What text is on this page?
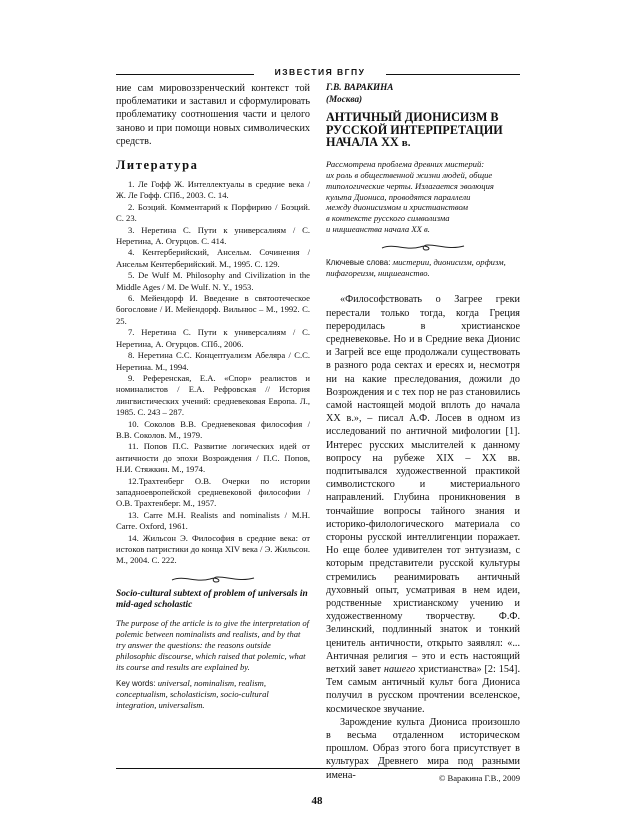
ИЗВЕСТИЯ ВГПУ

ние сам мировоззренческий контекст той проблематики и заставил и сформулировать проблематику соотношения части и целого заново и при помощи новых символических средств.

Литература
1. Ле Гофф Ж. Интеллектуалы в средние века / Ж. Ле Гофф. СПб., 2003. С. 14.
2. Боэций. Комментарий к Порфирию / Боэций. С. 23.
3. Неретина С. Пути к универсалиям / С. Неретина, А. Огурцов. С. 414.
4. Кентерберийский, Ансельм. Сочинения / Ансельм Кентерберийский. М., 1995. С. 129.
5. De Wulf M. Philosophy and Civilization in the Middle Ages / M. De Wulf. N. Y., 1953.
6. Мейендорф И. Введение в святоотеческое богословие / И. Мейендорф. Вильнюс – М., 1992. С. 25.
7. Неретина С. Пути к универсалиям / С. Неретина, А. Огурцов. СПб., 2006.
8. Неретина С.С. Концептуализм Абеляра / С.С. Неретина. М., 1994.
9. Референская, Е.А. «Спор» реалистов и номиналистов / Е.А. Рефровская // История лингвистических учений: средневековая Европа. Л., 1985. С. 243 – 287.
10. Соколов В.В. Средневековая философия / В.В. Соколов. М., 1979.
11. Попов П.С. Развитие логических идей от античности до эпохи Возрождения / П.С. Попов, Н.И. Стяжкин. М., 1974.
12.Трахтенберг О.В. Очерки по истории западноевропейской средневековой философии / О.В. Трахтенберг. М., 1957.
13. Carre M.H. Realists and nominalists / M.H. Carre. Oxford, 1961.
14. Жильсон Э. Философия в средние века: от истоков патристики до конца XIV века / Э. Жильсон. М., 2004. С. 222.
Socio-cultural subtext of problem of universals in mid-aged scholastic
The purpose of the article is to give the interpretation of polemic between nominalists and realists, and by that try answer the questions: the reasons outside philosophic discourse, which raised that polemic, what its course and results are explained by.
Key words: universal, nominalism, realism, conceptualism, scholasticism, socio-cultural integration, universalism.
Г.В. ВАРАКИНА
(Москва)
АНТИЧНЫЙ ДИОНИСИЗМ В
РУССКОЙ ИНТЕРПРЕТАЦИИ
НАЧАЛА XX в.
Рассмотрена проблема древних мистерий:
их роль в общественной жизни людей, общие
типологические черты. Излагается эволюция
культа Диониса, проводятся параллели
между дионисизмом и христианством
в контексте русского символизма
и ницшеанства начала XX в.
Ключевые слова: мистерии, дионисизм, орфизм, пифагореизм, ницшеанство.

«Философствовать о Загрее греки перестали только тогда, когда Греция переродилась в христианское средневековье. Но и в Средние века Дионис и Загрей все еще продолжали существовать в разного рода сектах и ересях и, несмотря ни на какие преследования, дожили до Возрождения и с тех пор не раз становились самой настоящей модой вплоть до начала XX в.», – писал А.Ф. Лосев в одном из исследований по античной мифологии [1]. Интерес русских мыслителей к данному вопросу на рубеже XIX – XX вв. подпитывался художественной практикой символистского и мистериального направлений. Глубина проникновения в тончайшие вопросы тайного знания и историко-филологического материала со стороны русской интеллигенции поражает. Но еще более удивителен тот энтузиазм, с которым представители русской культуры стремились реанимировать античный духовный опыт, усматривая в нем идеи, родственные христианскому учению и художественному творчеству. Ф.Ф. Зелинский, подлинный знаток и тонкий ценитель античности, открыто заявлял: «... Античная религия – это и есть настоящий ветхий завет нашего христианства» [2: 154]. Тем самым античный культ бога Диониса получил в русском прочтении вселенское, космическое звучание.

Зарождение культа Диониса произошло в весьма отдаленном историческом прошлом. Образ этого бога присутствует в культурах Древнего мира под разными имена-	© Варакина Г.В., 2009
48
